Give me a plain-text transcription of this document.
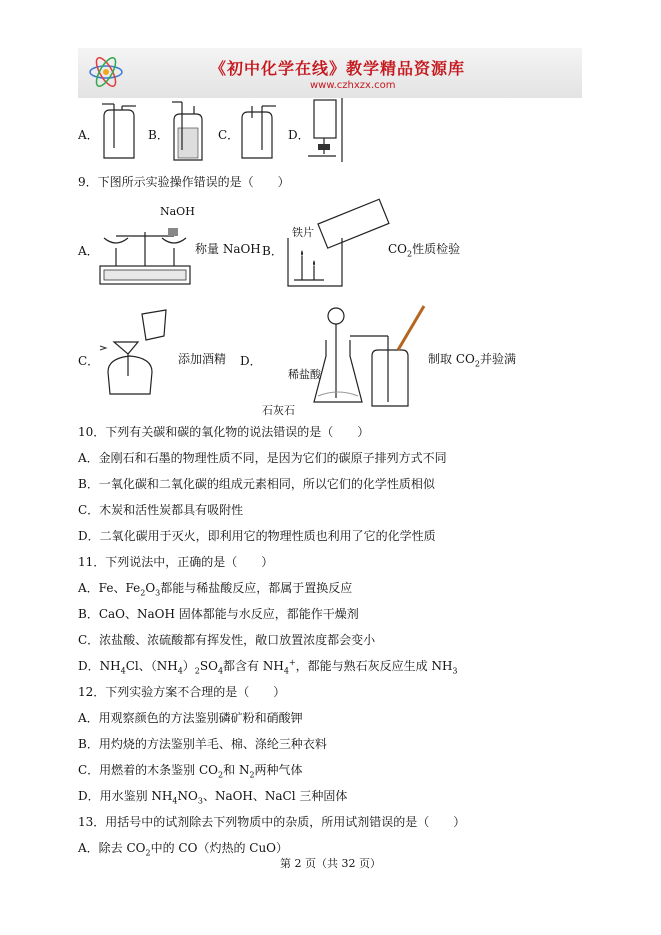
《初中化学在线》教学精品资源库
www.czhxzx.com
A．	B．	C．	D．
9．下图所示实验操作错误的是（　　）
A．
NaOH
称量 NaOH B．
铁片
$CO_2$性质检验
C．	添加酒精 D．
稀盐酸
石灰石
制取 $CO_2$并验满
10．下列有关碳和碳的氧化物的说法错误的是（　　）
A．金刚石和石墨的物理性质不同，是因为它们的碳原子排列方式不同
B．一氧化碳和二氧化碳的组成元素相同，所以它们的化学性质相似
C．木炭和活性炭都具有吸附性
D．二氧化碳用于灭火，即利用它的物理性质也利用了它的化学性质
11．下列说法中，正确的是（　　）
A．Fe、$Fe_2O_3$都能与稀盐酸反应，都属于置换反应
B．CaO、NaOH 固体都能与水反应，都能作干燥剂
C．浓盐酸、浓硫酸都有挥发性，敞口放置浓度都会变小
D．$NH_4Cl$、$(NH_4)_2SO_4$都含有 $NH_4^+$，都能与熟石灰反应生成 $NH_3$
12．下列实验方案不合理的是（　　）
A．用观察颜色的方法鉴别磷矿粉和硝酸钾
B．用灼烧的方法鉴别羊毛、棉、涤纶三种衣料
C．用燃着的木条鉴别 $CO_2$和 $N_2$两种气体
D．用水鉴别 $NH_4NO_3$、NaOH、NaCl 三种固体
13．用括号中的试剂除去下列物质中的杂质，所用试剂错误的是（　　）
A．除去 $CO_2$中的 CO（灼热的 CuO）
第 2 页（共 32 页）
